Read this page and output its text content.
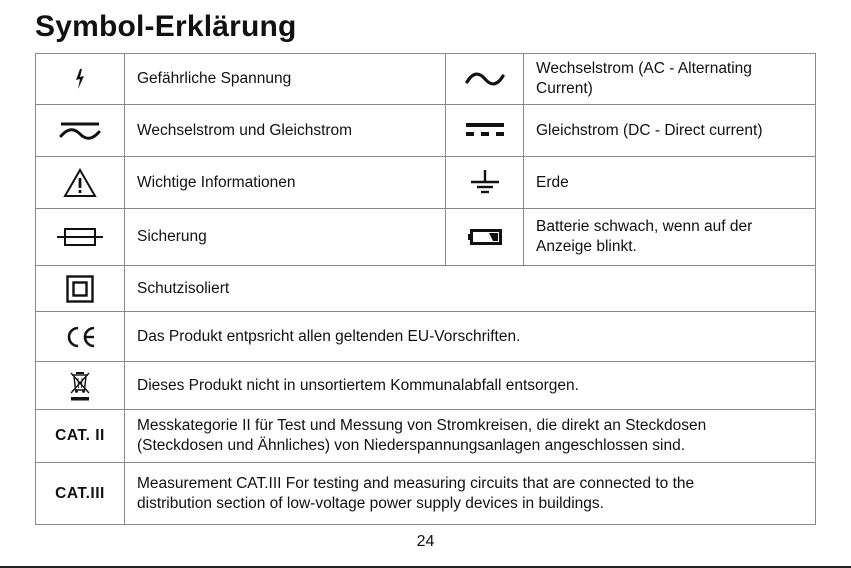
Symbol-Erklärung
	Gefährliche Spannung		Wechselstrom (AC - Alternating Current)
	Wechselstrom und Gleichstrom		Gleichstrom (DC - Direct current)
	Wichtige Informationen		Erde
	Sicherung		Batterie schwach, wenn auf der Anzeige blinkt.
	Schutzisoliert		
	Das Produkt entpsricht allen geltenden EU-Vorschriften.		
	Dieses Produkt nicht in unsortiertem Kommunalabfall entsorgen.		
CAT. II	Messkategorie II für Test und Messung von Stromkreisen, die direkt an Steckdosen
(Steckdosen und Ähnliches) von Niederspannungsanlagen angeschlossen sind.		

CAT.III	Measurement CAT.III For testing and measuring circuits that are connected to the
distribution section of low-voltage power supply devices in buildings.		
24
